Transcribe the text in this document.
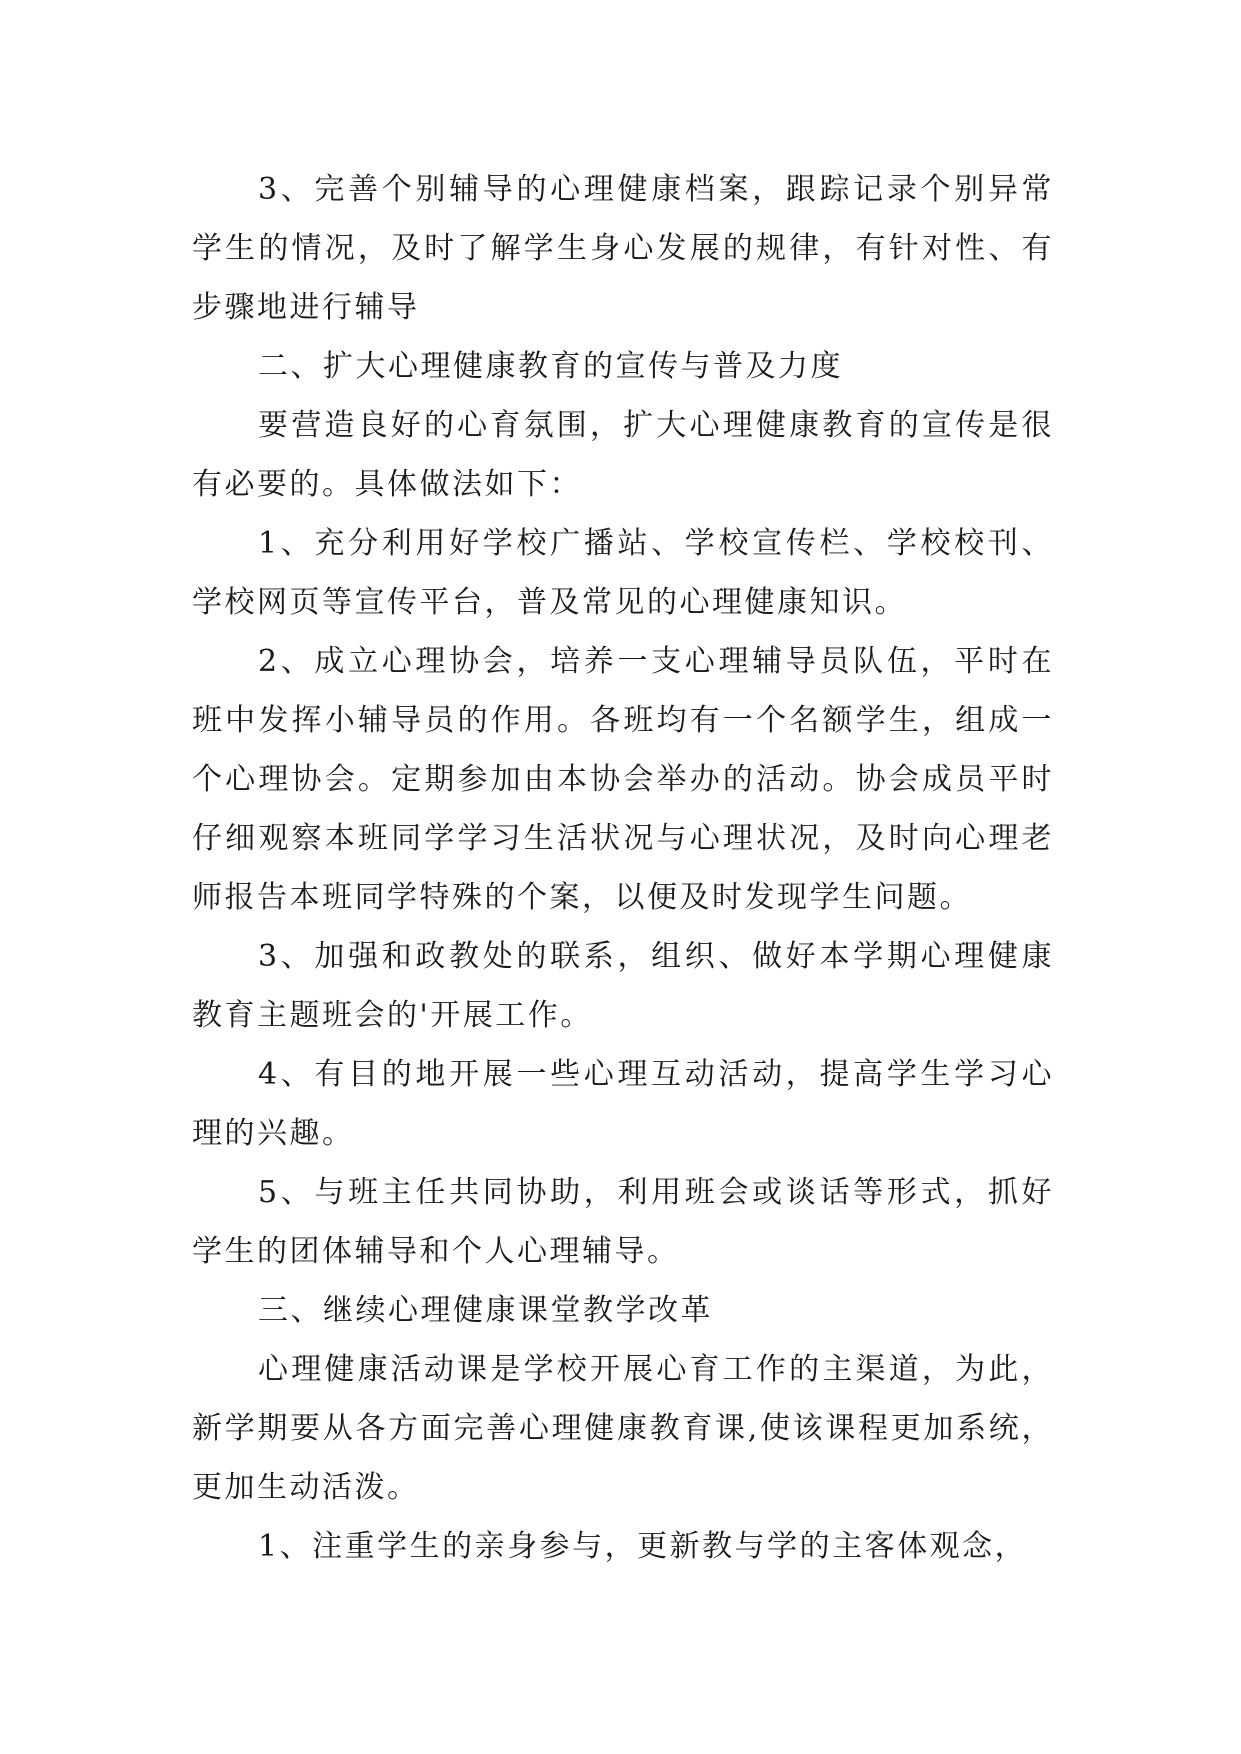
3、完善个别辅导的心理健康档案，跟踪记录个别异常学生的情况，及时了解学生身心发展的规律，有针对性、有步骤地进行辅导

二、扩大心理健康教育的宣传与普及力度

要营造良好的心育氛围，扩大心理健康教育的宣传是很有必要的。具体做法如下：

1、充分利用好学校广播站、学校宣传栏、学校校刊、学校网页等宣传平台，普及常见的心理健康知识。

2、成立心理协会，培养一支心理辅导员队伍，平时在班中发挥小辅导员的作用。各班均有一个名额学生，组成一个心理协会。定期参加由本协会举办的活动。协会成员平时仔细观察本班同学学习生活状况与心理状况，及时向心理老师报告本班同学特殊的个案，以便及时发现学生问题。

3、加强和政教处的联系，组织、做好本学期心理健康教育主题班会的'开展工作。

4、有目的地开展一些心理互动活动，提高学生学习心理的兴趣。

5、与班主任共同协助，利用班会或谈话等形式，抓好学生的团体辅导和个人心理辅导。

三、继续心理健康课堂教学改革

心理健康活动课是学校开展心育工作的主渠道，为此，新学期要从各方面完善心理健康教育课,使该课程更加系统，更加生动活泼。

1、注重学生的亲身参与，更新教与学的主客体观念，
